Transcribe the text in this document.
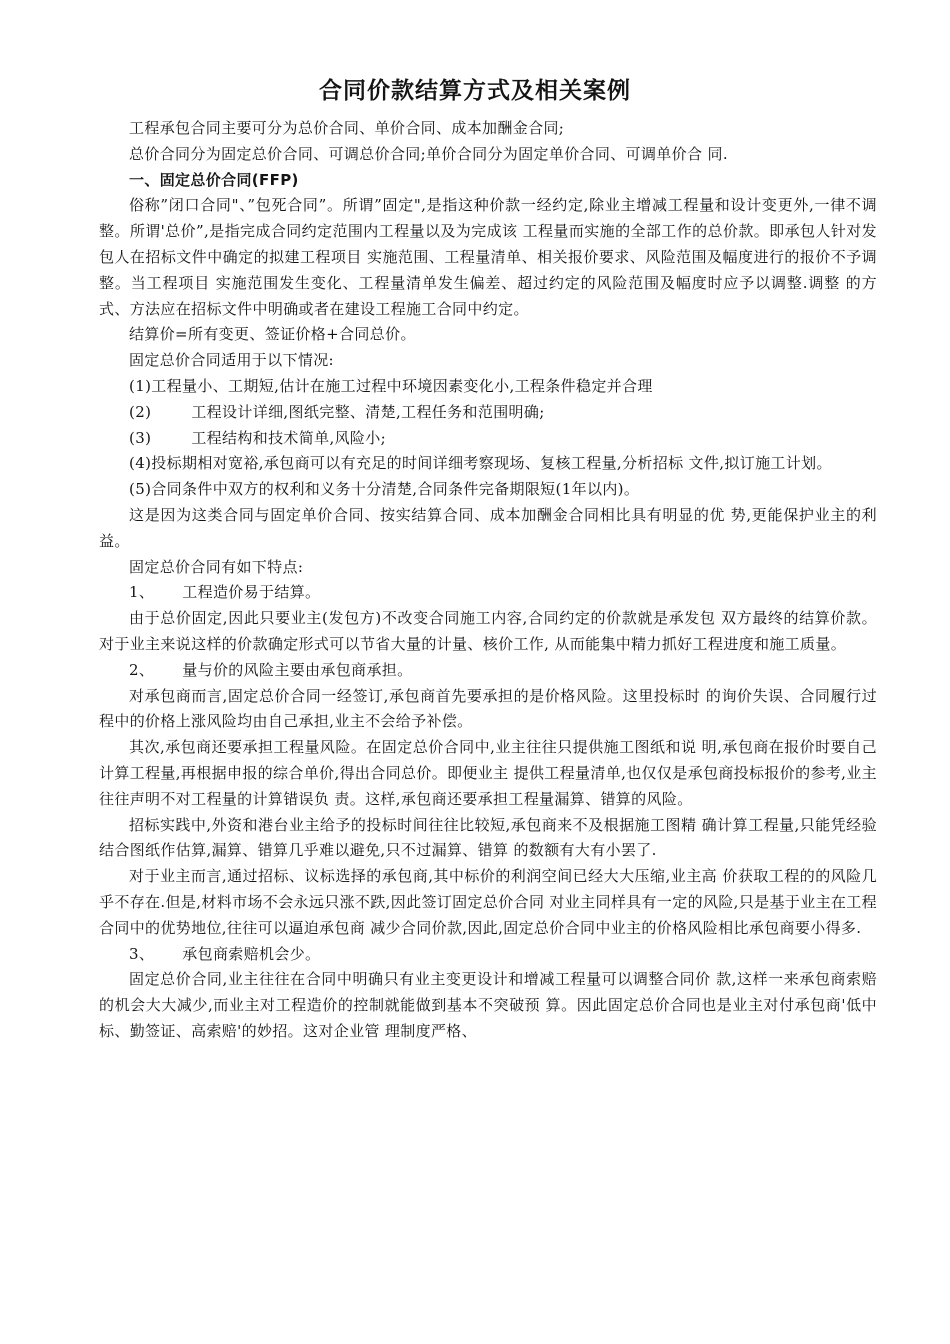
合同价款结算方式及相关案例

工程承包合同主要可分为总价合同、单价合同、成本加酬金合同;

总价合同分为固定总价合同、可调总价合同;单价合同分为固定单价合同、可调单价合 同.

一、固定总价合同(FFP)

俗称”闭口合同"、”包死合同”。所谓”固定",是指这种价款一经约定,除业主增减工程量和设计变更外,一律不调整。所谓'总价”,是指完成合同约定范围内工程量以及为完成该 工程量而实施的全部工作的总价款。即承包人针对发包人在招标文件中确定的拟建工程项目 实施范围、工程量清单、相关报价要求、风险范围及幅度进行的报价不予调整。当工程项目 实施范围发生变化、工程量清单发生偏差、超过约定的风险范围及幅度时应予以调整.调整 的方式、方法应在招标文件中明确或者在建设工程施工合同中约定。

结算价=所有变更、签证价格+合同总价。

固定总价合同适用于以下情况:

(1)工程量小、工期短,估计在施工过程中环境因素变化小,工程条件稳定并合理

(2)	工程设计详细,图纸完整、清楚,工程任务和范围明确;

(3)	工程结构和技术简单,风险小;

(4)投标期相对宽裕,承包商可以有充足的时间详细考察现场、复核工程量,分析招标 文件,拟订施工计划。

(5)合同条件中双方的权利和义务十分清楚,合同条件完备期限短(1年以内)。

这是因为这类合同与固定单价合同、按实结算合同、成本加酬金合同相比具有明显的优 势,更能保护业主的利益。

固定总价合同有如下特点:

1、 工程造价易于结算。

由于总价固定,因此只要业主(发包方)不改变合同施工内容,合同约定的价款就是承发包 双方最终的结算价款。对于业主来说这样的价款确定形式可以节省大量的计量、核价工作, 从而能集中精力抓好工程进度和施工质量。

2、 量与价的风险主要由承包商承担。

对承包商而言,固定总价合同一经签订,承包商首先要承担的是价格风险。这里投标时 的询价失误、合同履行过程中的价格上涨风险均由自己承担,业主不会给予补偿。

其次,承包商还要承担工程量风险。在固定总价合同中,业主往往只提供施工图纸和说 明,承包商在报价时要自己计算工程量,再根据申报的综合单价,得出合同总价。即便业主 提供工程量清单,也仅仅是承包商投标报价的参考,业主往往声明不对工程量的计算错误负 责。这样,承包商还要承担工程量漏算、错算的风险。

招标实践中,外资和港台业主给予的投标时间往往比较短,承包商来不及根据施工图精 确计算工程量,只能凭经验结合图纸作估算,漏算、错算几乎难以避免,只不过漏算、错算 的数额有大有小罢了.

对于业主而言,通过招标、议标选择的承包商,其中标价的利润空间已经大大压缩,业主高 价获取工程的的风险几乎不存在.但是,材料市场不会永远只涨不跌,因此签订固定总价合同 对业主同样具有一定的风险,只是基于业主在工程合同中的优势地位,往往可以逼迫承包商 减少合同价款,因此,固定总价合同中业主的价格风险相比承包商要小得多.

3、 承包商索赔机会少。

固定总价合同,业主往往在合同中明确只有业主变更设计和增减工程量可以调整合同价 款,这样一来承包商索赔的机会大大减少,而业主对工程造价的控制就能做到基本不突破预 算。因此固定总价合同也是业主对付承包商'低中标、勤签证、高索赔'的妙招。这对企业管 理制度严格、
